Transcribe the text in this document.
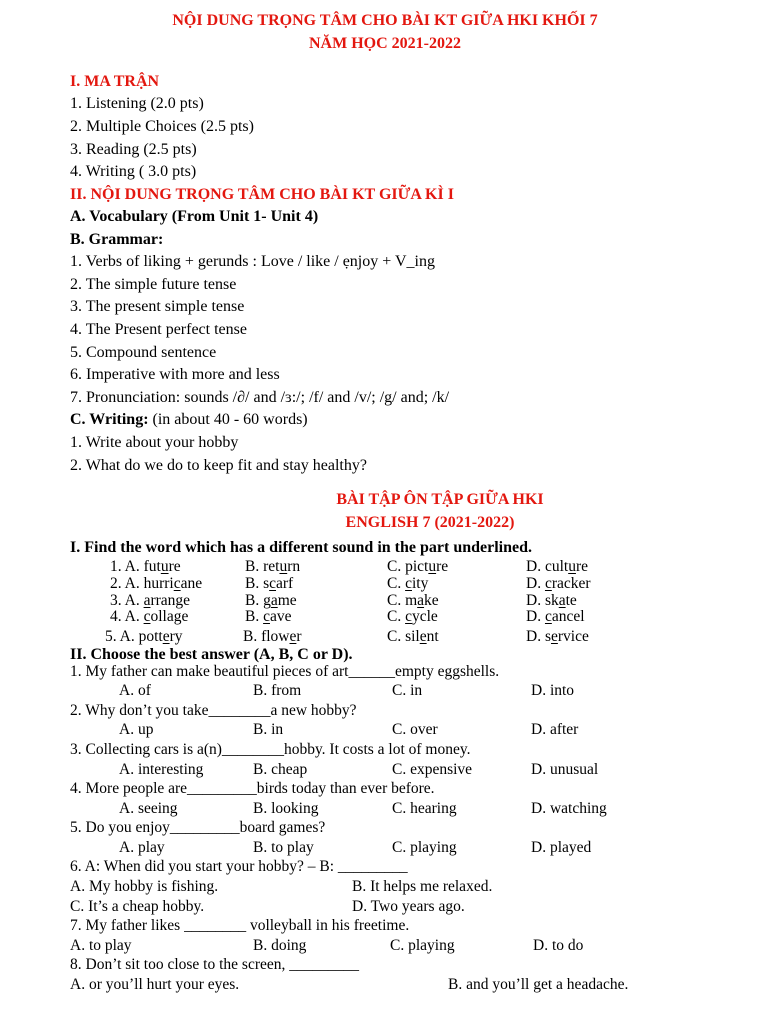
NỘI DUNG TRỌNG TÂM CHO BÀI KT GIỮA HKI KHỐI 7
NĂM HỌC 2021-2022
I. MA TRẬN
1. Listening (2.0 pts)
2. Multiple Choices (2.5 pts)
3. Reading (2.5 pts)
4. Writing ( 3.0 pts)
II. NỘI DUNG TRỌNG TÂM CHO BÀI KT GIỮA KÌ I
A. Vocabulary (From Unit 1- Unit 4)
B. Grammar:
1. Verbs of liking + gerunds : Love / like / ẹnjoy + V_ing
2. The simple future tense
3. The present simple tense
4. The Present perfect tense
5. Compound sentence
6. Imperative with more and less
7. Pronunciation: sounds /∂/ and /ɜ:/; /f/ and /v/; /g/ and; /k/
C. Writing: (in about 40 - 60 words)
1. Write about your hobby
2. What do we do to keep fit and stay healthy?
BÀI TẬP ÔN TẬP GIỮA HKI
ENGLISH 7 (2021-2022)
I. Find the word which has a different sound in the part underlined.
1. A. future	B. return	C. picture	D. culture
2. A. hurricane	B. scarf	C. city	D. cracker
3. A. arrange	B. game	C. make	D. skate
4. A. collage	B. cave	C. cycle	D. cancel
5. A. pottery	B. flower	C. silent	D. service
II. Choose the best answer (A, B, C or D).
1. My father can make beautiful pieces of art______empty eggshells.
A. of	B. from	C. in	D. into
2. Why don’t you take________a new hobby?
A. up	B. in	C. over	D. after
3. Collecting cars is a(n)________hobby. It costs a lot of money.
A. interesting	B. cheap	C. expensive	D. unusual
4. More people are_________birds today than ever before.
A. seeing	B. looking	C. hearing	D. watching
5. Do you enjoy_________board games?
A. play	B. to play	C. playing	D. played
6. A: When did you start your hobby? – B: _________
A. My hobby is fishing.	B. It helps me relaxed.
C. It’s a cheap hobby.	D. Two years ago.
7. My father likes ________ volleyball in his freetime.
A. to play	B. doing	C. playing	D. to do
8. Don’t sit too close to the screen, _________
A. or you’ll hurt your eyes.	B. and you’ll get a headache.
